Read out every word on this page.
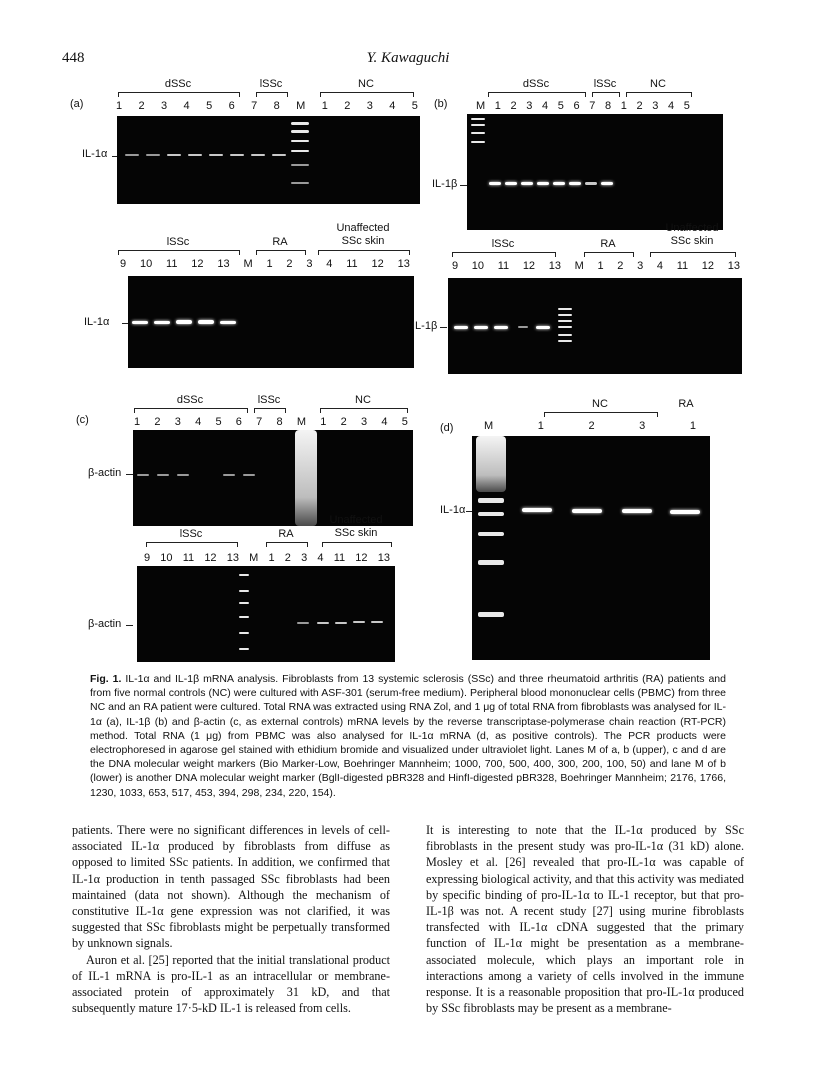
448	Y. Kawaguchi
(a)
dSSc	lSSc	NC
1 2 3 4 5 6 7 8 M 1 2 3 4 5
IL-1α
lSSc	RA
Unaffected
SSc skin
9 10 11 12 13 M 1 2 3 4 11 12 13
IL-1α
(b)
dSSc	lSSc	NC
M 1 2 3 4 5 6 7 8 1 2 3 4 5
IL-1β
lSSc	RA
Unaffected
SSc skin
9 10 11 12 13 M 1 2 3 4 11 12 13
IL-1β
(c)
dSSc	lSSc	NC
1 2 3 4 5 6 7 8 M 1 2 3 4 5
β-actin
lSSc	RA
Unaffected
SSc skin
9 10 11 12 13 M 1 2 3 4 11 12 13
β-actin
(d)
NC	RA
M	1	2	3	1
IL-1α
Fig. 1. IL-1α and IL-1β mRNA analysis. Fibroblasts from 13 systemic sclerosis (SSc) and three rheumatoid arthritis (RA) patients and from five normal controls (NC) were cultured with ASF-301 (serum-free medium). Peripheral blood mononuclear cells (PBMC) from three NC and an RA patient were cultured. Total RNA was extracted using RNA Zol, and 1 μg of total RNA from fibroblasts was analysed for IL-1α (a), IL-1β (b) and β-actin (c, as external controls) mRNA levels by the reverse transcriptase-polymerase chain reaction (RT-PCR) method. Total RNA (1 μg) from PBMC was also analysed for IL-1α mRNA (d, as positive controls). The PCR products were electrophoresed in agarose gel stained with ethidium bromide and visualized under ultraviolet light. Lanes M of a, b (upper), c and d are the DNA molecular weight markers (Bio Marker-Low, Boehringer Mannheim; 1000, 700, 500, 400, 300, 200, 100, 50) and lane M of b (lower) is another DNA molecular weight marker (BglI-digested pBR328 and HinfI-digested pBR328, Boehringer Mannheim; 2176, 1766, 1230, 1033, 653, 517, 453, 394, 298, 234, 220, 154).

patients. There were no significant differences in levels of cell-associated IL-1α produced by fibroblasts from diffuse as opposed to limited SSc patients. In addition, we confirmed that IL-1α production in tenth passaged SSc fibroblasts had been maintained (data not shown). Although the mechanism of constitutive IL-1α gene expression was not clarified, it was suggested that SSc fibroblasts might be perpetually transformed by unknown signals.

Auron et al. [25] reported that the initial translational product of IL-1 mRNA is pro-IL-1 as an intracellular or membrane-associated protein of approximately 31 kD, and that subsequently mature 17·5-kD IL-1 is released from cells.

It is interesting to note that the IL-1α produced by SSc fibroblasts in the present study was pro-IL-1α (31 kD) alone. Mosley et al. [26] revealed that pro-IL-1α was capable of expressing biological activity, and that this activity was mediated by specific binding of pro-IL-1α to IL-1 receptor, but that pro-IL-1β was not. A recent study [27] using murine fibroblasts transfected with IL-1α cDNA suggested that the primary function of IL-1α might be presentation as a membrane-associated molecule, which plays an important role in interactions among a variety of cells involved in the immune response. It is a reasonable proposition that pro-IL-1α produced by SSc fibroblasts may be present as a membrane-
